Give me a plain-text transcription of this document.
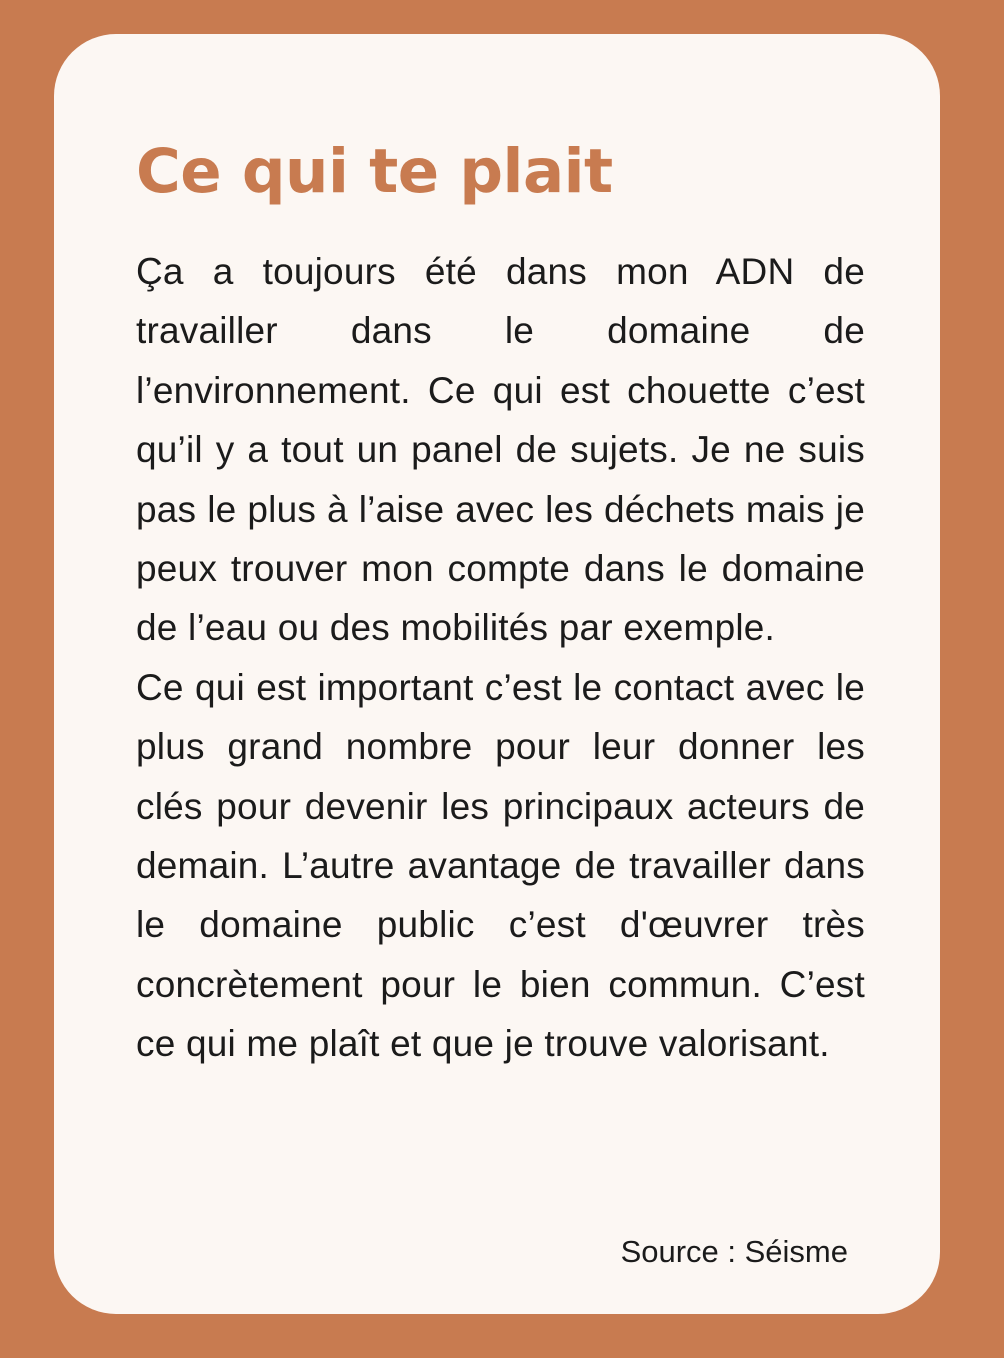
Ce qui te plait

Ça a toujours été dans mon ADN de travailler dans le domaine de l’environnement. Ce qui est chouette c’est qu’il y a tout un panel de sujets. Je ne suis pas le plus à l’aise avec les déchets mais je peux trouver mon compte dans le domaine de l’eau ou des mobilités par exemple.

Ce qui est important c’est le contact avec le plus grand nombre pour leur donner les clés pour devenir les principaux acteurs de demain. L’autre avantage de travailler dans le domaine public c’est d'œuvrer très concrètement pour le bien commun. C’est ce qui me plaît et que je trouve valorisant.

Source : Séisme
